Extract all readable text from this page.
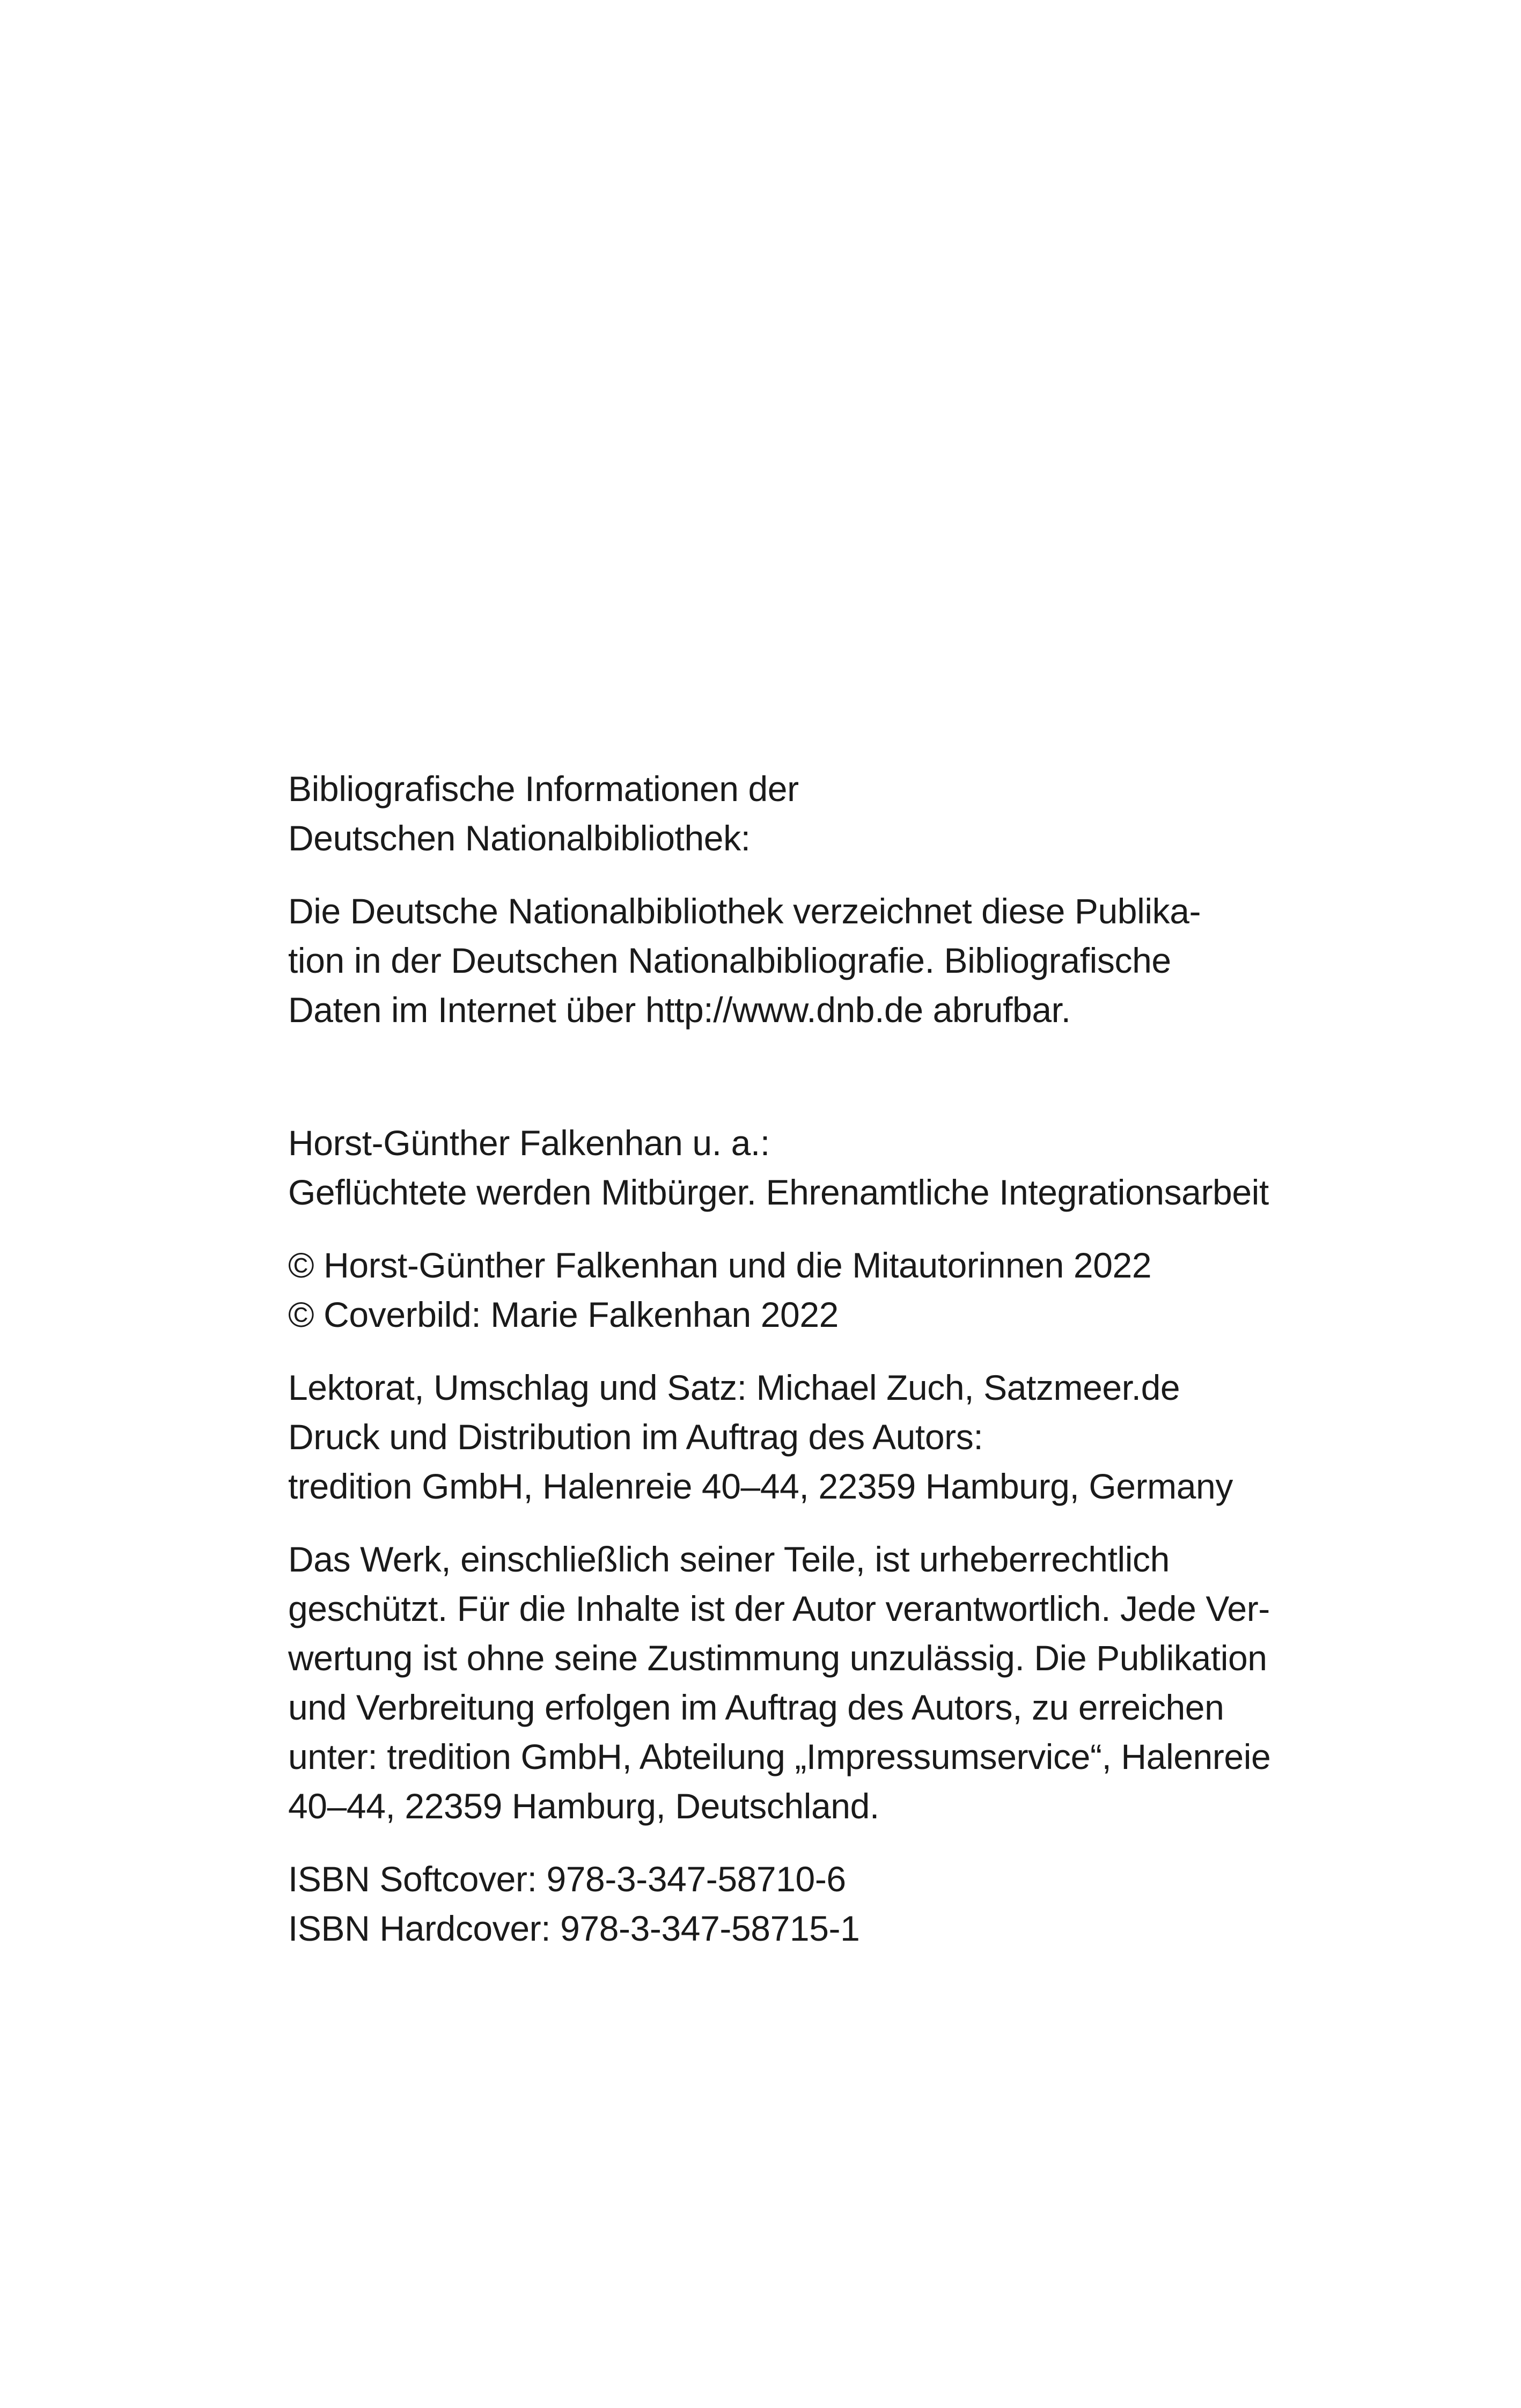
Bibliografische Informationen der
Deutschen Nationalbibliothek:

Die Deutsche Nationalbibliothek verzeichnet diese Publika-
tion in der Deutschen Nationalbibliografie. Bibliografische
Daten im Internet über http://www.dnb.de abrufbar.

Horst-Günther Falkenhan u. a.:
Geflüchtete werden Mitbürger. Ehrenamtliche Integrationsarbeit

© Horst-Günther Falkenhan und die Mitautorinnen 2022
© Coverbild: Marie Falkenhan 2022

Lektorat, Umschlag und Satz: Michael Zuch, Satzmeer.de
Druck und Distribution im Auftrag des Autors:
tredition GmbH, Halenreie 40–44, 22359 Hamburg, Germany

Das Werk, einschließlich seiner Teile, ist urheberrechtlich
geschützt. Für die Inhalte ist der Autor verantwortlich. Jede Ver-
wertung ist ohne seine Zustimmung unzulässig. Die Publikation
und Verbreitung erfolgen im Auftrag des Autors, zu erreichen
unter: tredition GmbH, Abteilung „Impressumservice“, Halenreie
40–44, 22359 Hamburg, Deutschland.

ISBN Softcover: 978-3-347-58710-6
ISBN Hardcover: 978-3-347-58715-1
